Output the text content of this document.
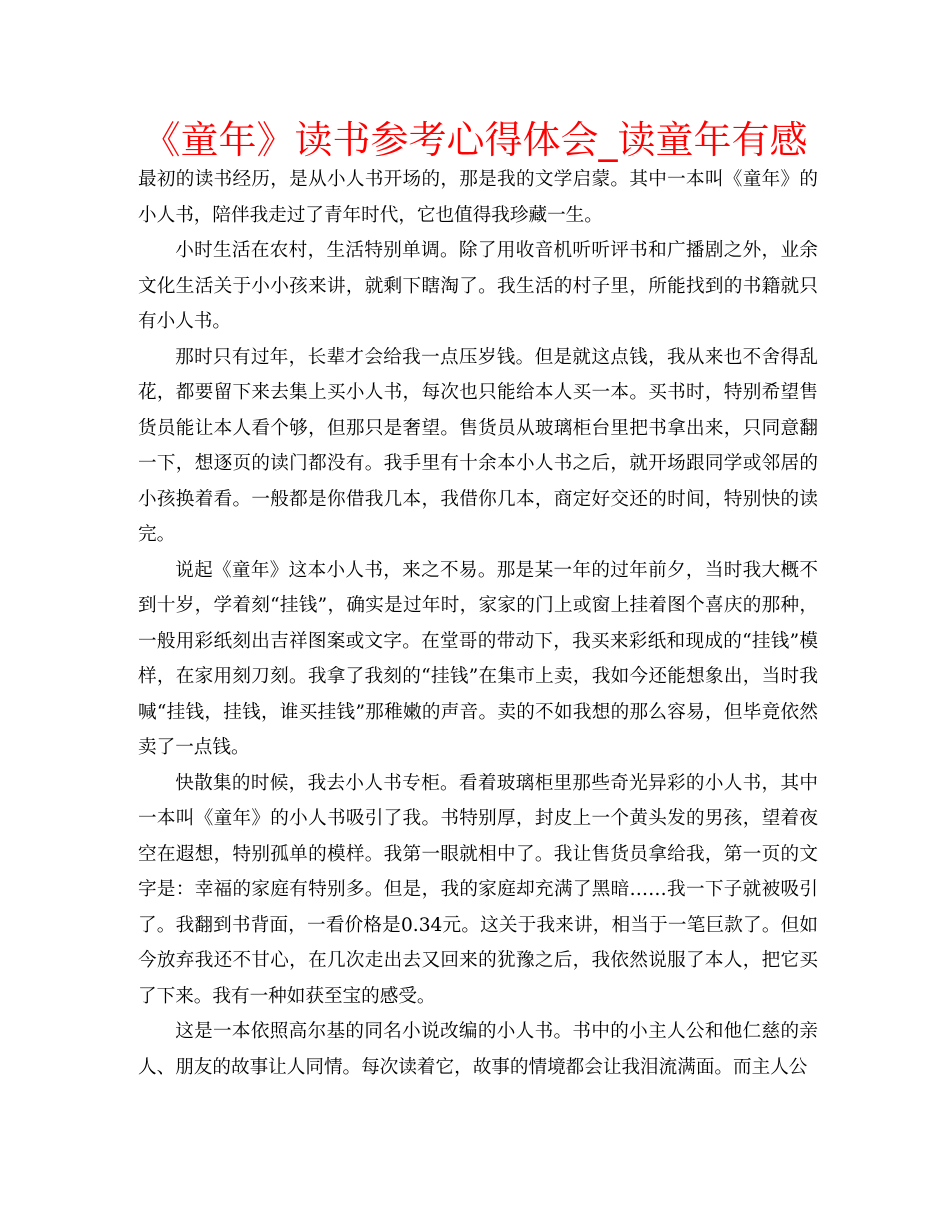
《童年》读书参考心得体会_读童年有感

最初的读书经历，是从小人书开场的，那是我的文学启蒙。其中一本叫《童年》的小人书，陪伴我走过了青年时代，它也值得我珍藏一生。

小时生活在农村，生活特别单调。除了用收音机听听评书和广播剧之外，业余文化生活关于小小孩来讲，就剩下瞎淘了。我生活的村子里，所能找到的书籍就只有小人书。

那时只有过年，长辈才会给我一点压岁钱。但是就这点钱，我从来也不舍得乱花，都要留下来去集上买小人书，每次也只能给本人买一本。买书时，特别希望售货员能让本人看个够，但那只是奢望。售货员从玻璃柜台里把书拿出来，只同意翻一下，想逐页的读门都没有。我手里有十余本小人书之后，就开场跟同学或邻居的小孩换着看。一般都是你借我几本，我借你几本，商定好交还的时间，特别快的读完。

说起《童年》这本小人书，来之不易。那是某一年的过年前夕，当时我大概不到十岁，学着刻“挂钱”，确实是过年时，家家的门上或窗上挂着图个喜庆的那种，一般用彩纸刻出吉祥图案或文字。在堂哥的带动下，我买来彩纸和现成的“挂钱”模样，在家用刻刀刻。我拿了我刻的“挂钱”在集市上卖，我如今还能想象出，当时我喊“挂钱，挂钱，谁买挂钱”那稚嫩的声音。卖的不如我想的那么容易，但毕竟依然卖了一点钱。

快散集的时候，我去小人书专柜。看着玻璃柜里那些奇光异彩的小人书，其中一本叫《童年》的小人书吸引了我。书特别厚，封皮上一个黄头发的男孩，望着夜空在遐想，特别孤单的模样。我第一眼就相中了。我让售货员拿给我，第一页的文字是：幸福的家庭有特别多。但是，我的家庭却充满了黑暗……我一下子就被吸引了。我翻到书背面，一看价格是0.34元。这关于我来讲，相当于一笔巨款了。但如今放弃我还不甘心，在几次走出去又回来的犹豫之后，我依然说服了本人，把它买了下来。我有一种如获至宝的感受。

这是一本依照高尔基的同名小说改编的小人书。书中的小主人公和他仁慈的亲人、朋友的故事让人同情。每次读着它，故事的情境都会让我泪流满面。而主人公
